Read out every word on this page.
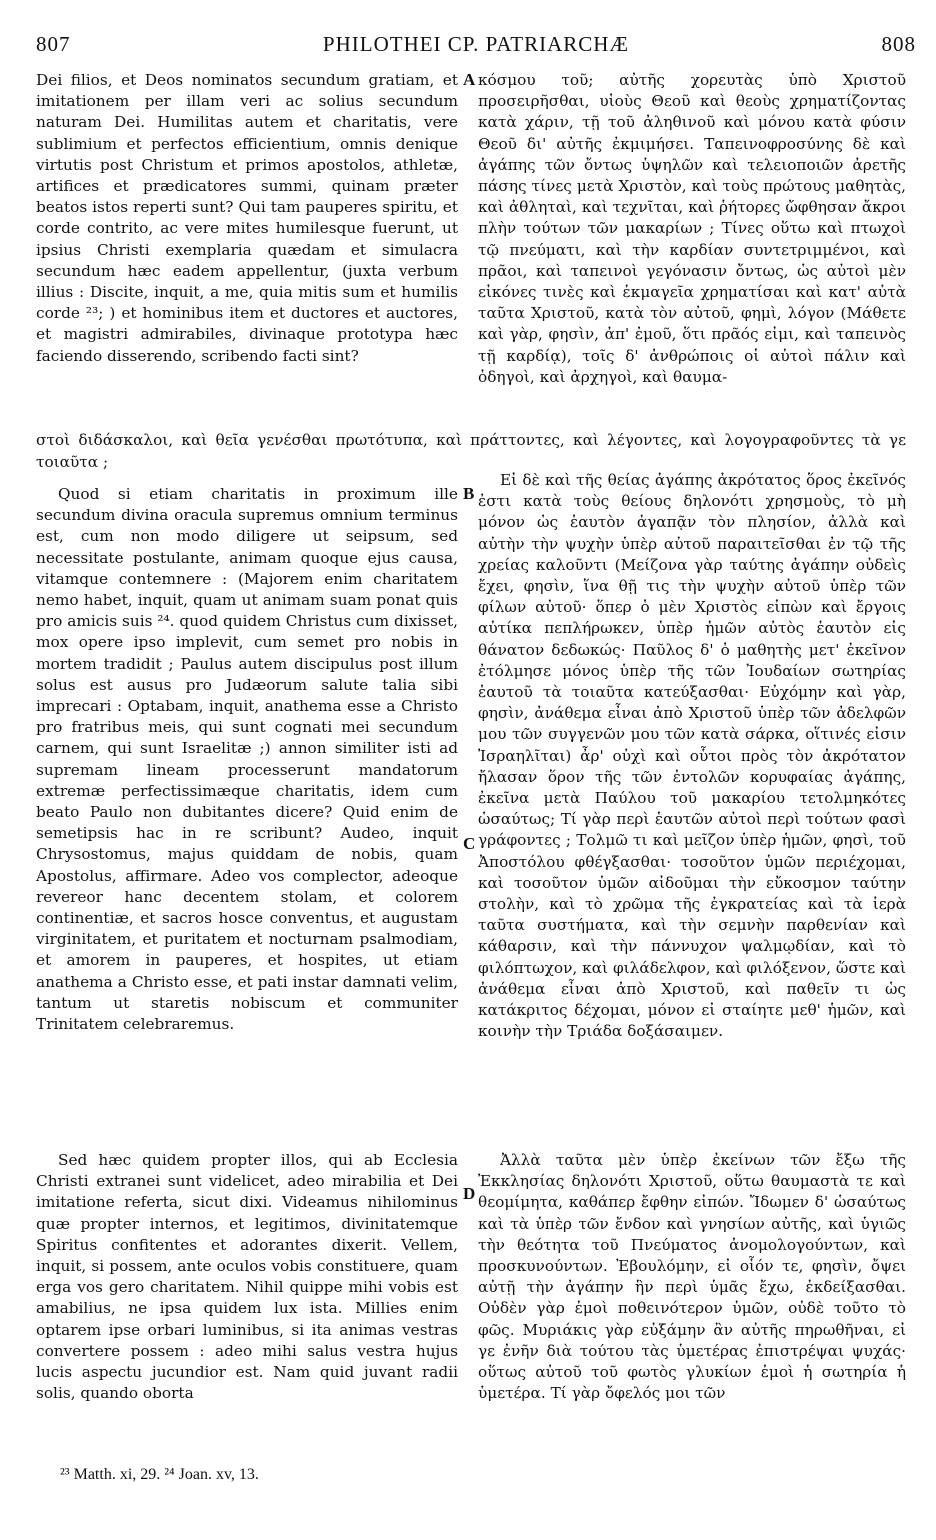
807	PHILOTHEI CP. PATRIARCHÆ	808

Dei filios, et Deos nominatos secundum gratiam, et imitationem per illam veri ac solius secundum naturam Dei. Humilitas autem et charitatis, vere sublimium et perfectos efficientium, omnis denique virtutis post Christum et primos apostolos, athletæ, artifices et prædicatores summi, quinam præter beatos istos reperti sunt? Qui tam pauperes spiritu, et corde contrito, ac vere mites humilesque fuerunt, ut ipsius Christi exemplaria quædam et simulacra secundum hæc eadem appellentur, (juxta verbum illius : Discite, inquit, a me, quia mitis sum et humilis corde ²³; ) et hominibus item et ductores et auctores, et magistri admirabiles, divinaque prototypa hæc faciendo disserendo, scribendo facti sint?

A κόσμου τοῦ; αὐτῆς χορευτὰς ὑπὸ Χριστοῦ προσειρῆσθαι, υἱοὺς Θεοῦ καὶ θεοὺς χρηματίζοντας κατὰ χάριν, τῇ τοῦ ἀληθινοῦ καὶ μόνου κατὰ φύσιν Θεοῦ δι' αὐτῆς ἐκμιμήσει. Ταπεινοφροσύνης δὲ καὶ ἀγάπης τῶν ὄντως ὑψηλῶν καὶ τελειοποιῶν ἀρετῆς πάσης τίνες μετὰ Χριστὸν, καὶ τοὺς πρώτους μαθητὰς, καὶ ἀθληταὶ, καὶ τεχνῖται, καὶ ῥήτορες ὤφθησαν ἄκροι πλὴν τούτων τῶν μακαρίων ; Τίνες οὕτω καὶ πτωχοὶ τῷ πνεύματι, καὶ τὴν καρδίαν συντετριμμένοι, καὶ πρᾶοι, καὶ ταπεινοὶ γεγόνασιν ὄντως, ὡς αὐτοὶ μὲν εἰκόνες τινὲς καὶ ἐκμαγεῖα χρηματίσαι καὶ κατ' αὐτὰ ταῦτα Χριστοῦ, κατὰ τὸν αὐτοῦ, φημὶ, λόγον (Μάθετε καὶ γὰρ, φησὶν, ἀπ' ἐμοῦ, ὅτι πρᾶός εἰμι, καὶ ταπεινὸς τῇ καρδίᾳ), τοῖς δ' ἀνθρώποις οἱ αὐτοὶ πάλιν καὶ ὁδηγοὶ, καὶ ἀρχηγοὶ, καὶ θαυμα-

στοὶ διδάσκαλοι, καὶ θεῖα γενέσθαι πρωτότυπα, καὶ πράττοντες, καὶ λέγοντες, καὶ λογογραφοῦντες τὰ γε
τοιαῦτα ;

Quod si etiam charitatis in proximum ille secundum divina oracula supremus omnium terminus est, cum non modo diligere ut seipsum, sed necessitate postulante, animam quoque ejus causa, vitamque contemnere : (Majorem enim charitatem nemo habet, inquit, quam ut animam suam ponat quis pro amicis suis ²⁴. quod quidem Christus cum dixisset, mox opere ipso implevit, cum semet pro nobis in mortem tradidit ; Paulus autem discipulus post illum solus est ausus pro Judæorum salute talia sibi imprecari : Optabam, inquit, anathema esse a Christo pro fratribus meis, qui sunt cognati mei secundum carnem, qui sunt Israelitæ ;) annon similiter isti ad supremam lineam processerunt mandatorum extremæ perfectissimæque charitatis, idem cum beato Paulo non dubitantes dicere? Quid enim de semetipsis hac in re scribunt? Audeo, inquit Chrysostomus, majus quiddam de nobis, quam Apostolus, affirmare. Adeo vos complector, adeoque revereor hanc decentem stolam, et colorem continentiæ, et sacros hosce conventus, et augustam virginitatem, et puritatem et nocturnam psalmodiam, et amorem in pauperes, et hospites, ut etiam anathema a Christo esse, et pati instar damnati velim, tantum ut staretis nobiscum et communiter Trinitatem celebraremus.

B
C

Εἰ δὲ καὶ τῆς θείας ἀγάπης ἀκρότατος ὅρος ἐκεῖνός ἐστι κατὰ τοὺς θείους δηλονότι χρησμοὺς, τὸ μὴ μόνον ὡς ἑαυτὸν ἀγαπᾷν τὸν πλησίον, ἀλλὰ καὶ αὐτὴν τὴν ψυχὴν ὑπὲρ αὐτοῦ παραιτεῖσθαι ἐν τῷ τῆς χρείας καλοῦντι (Μείζονα γὰρ ταύτης ἀγάπην οὐδεὶς ἔχει, φησὶν, ἵνα θῇ τις τὴν ψυχὴν αὐτοῦ ὑπὲρ τῶν φίλων αὐτοῦ· ὅπερ ὁ μὲν Χριστὸς εἰπὼν καὶ ἔργοις αὐτίκα πεπλήρωκεν, ὑπὲρ ἡμῶν αὐτὸς ἑαυτὸν εἰς θάνατον δεδωκώς· Παῦλος δ' ὁ μαθητὴς μετ' ἐκεῖνον ἐτόλμησε μόνος ὑπὲρ τῆς τῶν Ἰουδαίων σωτηρίας ἑαυτοῦ τὰ τοιαῦτα κατεύξασθαι· Εὐχόμην καὶ γὰρ, φησὶν, ἀνάθεμα εἶναι ἀπὸ Χριστοῦ ὑπὲρ τῶν ἀδελφῶν μου τῶν συγγενῶν μου τῶν κατὰ σάρκα, οἵτινές εἰσιν Ἰσραηλῖται) ἆρ' οὐχὶ καὶ οὗτοι πρὸς τὸν ἀκρότατον ἤλασαν ὅρον τῆς τῶν ἐντολῶν κορυφαίας ἀγάπης, ἐκεῖνα μετὰ Παύλου τοῦ μακαρίου τετολμηκότες ὡσαύτως; Τί γὰρ περὶ ἑαυτῶν αὐτοὶ περὶ τούτων φασὶ γράφοντες ; Τολμῶ τι καὶ μεῖζον ὑπὲρ ἡμῶν, φησὶ, τοῦ Ἀποστόλου φθέγξασθαι· τοσοῦτον ὑμῶν περιέχομαι, καὶ τοσοῦτον ὑμῶν αἰδοῦμαι τὴν εὔκοσμον ταύτην στολὴν, καὶ τὸ χρῶμα τῆς ἐγκρατείας καὶ τὰ ἱερὰ ταῦτα συστήματα, καὶ τὴν σεμνὴν παρθενίαν καὶ κάθαρσιν, καὶ τὴν πάννυχον ψαλμῳδίαν, καὶ τὸ φιλόπτωχον, καὶ φιλάδελφον, καὶ φιλόξενον, ὥστε καὶ ἀνάθεμα εἶναι ἀπὸ Χριστοῦ, καὶ παθεῖν τι ὡς κατάκριτος δέχομαι, μόνον εἰ σταίητε μεθ' ἡμῶν, καὶ κοινὴν τὴν Τριάδα δοξάσαιμεν.

Sed hæc quidem propter illos, qui ab Ecclesia Christi extranei sunt videlicet, adeo mirabilia et Dei imitatione referta, sicut dixi. Videamus nihilominus quæ propter internos, et legitimos, divinitatemque Spiritus confitentes et adorantes dixerit. Vellem, inquit, si possem, ante oculos vobis constituere, quam erga vos gero charitatem. Nihil quippe mihi vobis est amabilius, ne ipsa quidem lux ista. Millies enim optarem ipse orbari luminibus, si ita animas vestras convertere possem : adeo mihi salus vestra hujus lucis aspectu jucundior est. Nam quid juvant radii solis, quando oborta

D

Ἀλλὰ ταῦτα μὲν ὑπὲρ ἐκείνων τῶν ἔξω τῆς Ἐκκλησίας δηλονότι Χριστοῦ, οὕτω θαυμαστὰ τε καὶ θεομίμητα, καθάπερ ἔφθην εἰπών. Ἴδωμεν δ' ὡσαύτως καὶ τὰ ὑπὲρ τῶν ἔνδον καὶ γνησίων αὐτῆς, καὶ ὑγιῶς τὴν θεότητα τοῦ Πνεύματος ἀνομολογούντων, καὶ προσκυνούντων. Ἐβουλόμην, εἰ οἷόν τε, φησὶν, ὄψει αὐτῇ τὴν ἀγάπην ἣν περὶ ὑμᾶς ἔχω, ἐκδείξασθαι. Οὐδὲν γὰρ ἐμοὶ ποθεινότερον ὑμῶν, οὐδὲ τοῦτο τὸ φῶς. Μυριάκις γὰρ εὐξάμην ἂν αὐτῆς πηρωθῆναι, εἰ γε ἐνῆν διὰ τούτου τὰς ὑμετέρας ἐπιστρέψαι ψυχάς· οὕτως αὐτοῦ τοῦ φωτὸς γλυκίων ἐμοὶ ἡ σωτηρία ἡ ὑμετέρα. Τί γὰρ ὄφελός μοι τῶν

²³ Matth. xi, 29. ²⁴ Joan. xv, 13.
